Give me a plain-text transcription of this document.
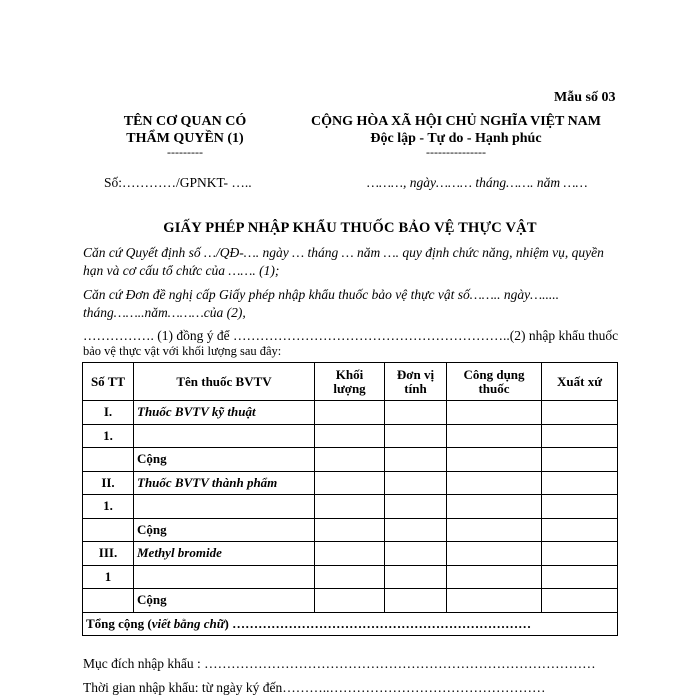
Mẫu số 03
TÊN CƠ QUAN CÓ
THẨM QUYỀN (1)
---------
CỘNG HÒA XÃ HỘI CHỦ NGHĨA VIỆT NAM
Độc lập - Tự do - Hạnh phúc
---------------
Số:…………/GPNKT- …..	………, ngày……… tháng……. năm ……
GIẤY PHÉP NHẬP KHẨU THUỐC BẢO VỆ THỰC VẬT
Căn cứ Quyết định số …/QĐ-…. ngày … tháng … năm …. quy định chức năng, nhiệm vụ, quyền hạn và cơ cấu tổ chức của ……. (1);
Căn cứ Đơn đề nghị cấp Giấy phép nhập khẩu thuốc bảo vệ thực vật số…….. ngày…..... tháng……..năm………của (2),
……………. (1) đồng ý để ……………………………………………………..(2) nhập khẩu thuốc
bảo vệ thực vật với khối lượng sau đây:
Số TT	Tên thuốc BVTV	Khối lượng	Đơn vị tính	Công dụng thuốc	Xuất xứ
I.	Thuốc BVTV kỹ thuật				
1.					
	Cộng				
II.	Thuốc BVTV thành phẩm				
1.					
	Cộng				
III.	Methyl bromide				
1					
	Cộng				
Tổng cộng (viết bằng chữ) ……………………………………………………………					
Mục đích nhập khẩu : ……………………………………………………………………………
Thời gian nhập khẩu: từ ngày ký đến………..…………………………………………
